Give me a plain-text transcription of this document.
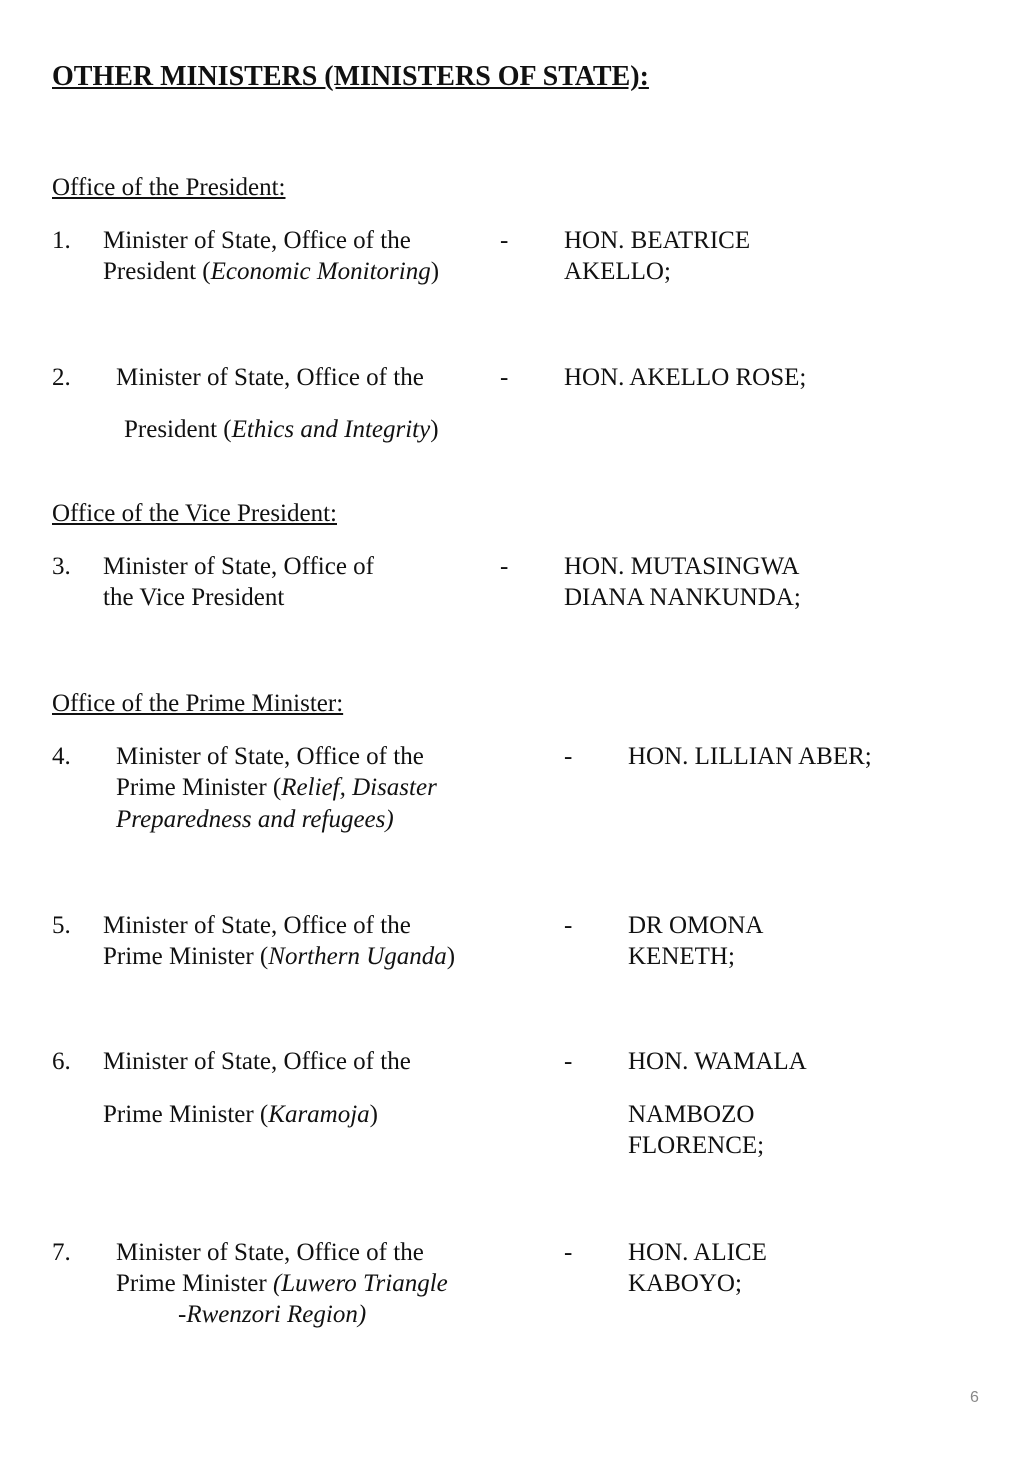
OTHER MINISTERS (MINISTERS OF STATE):
Office of the President:
1. Minister of State, Office of the
President (Economic Monitoring)
- HON. BEATRICE
AKELLO;
2. Minister of State, Office of the
President (Ethics and Integrity)
- HON. AKELLO ROSE;
Office of the Vice President:
3. Minister of State, Office of
the Vice President
- HON. MUTASINGWA
DIANA NANKUNDA;
Office of the Prime Minister:
4. Minister of State, Office of the
Prime Minister (Relief, Disaster
Preparedness and refugees)
- HON. LILLIAN ABER;
5. Minister of State, Office of the
Prime Minister (Northern Uganda)
- DR OMONA
KENETH;
6. Minister of State, Office of the
Prime Minister (Karamoja)
- HON. WAMALA
NAMBOZO
FLORENCE;
7. Minister of State, Office of the
Prime Minister (Luwero Triangle
-Rwenzori Region)
- HON. ALICE
KABOYO;
6
